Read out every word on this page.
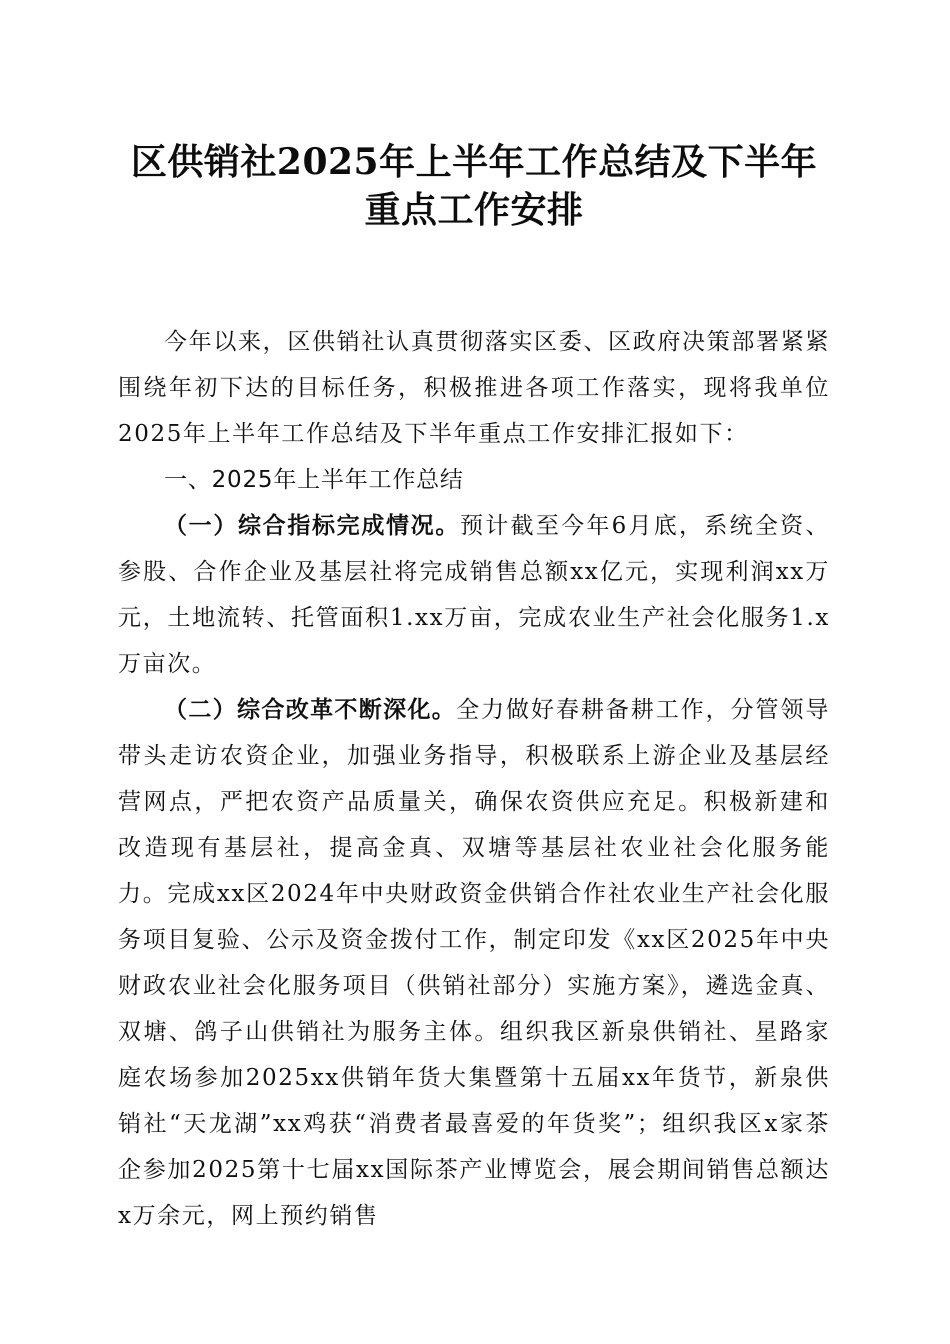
区供销社2025年上半年工作总结及下半年重点工作安排

今年以来，区供销社认真贯彻落实区委、区政府决策部署紧紧围绕年初下达的目标任务，积极推进各项工作落实，现将我单位2025年上半年工作总结及下半年重点工作安排汇报如下：

一、2025年上半年工作总结

（一）综合指标完成情况。预计截至今年6月底，系统全资、参股、合作企业及基层社将完成销售总额xx亿元，实现利润xx万元，土地流转、托管面积1.xx万亩，完成农业生产社会化服务1.x万亩次。

（二）综合改革不断深化。全力做好春耕备耕工作，分管领导带头走访农资企业，加强业务指导，积极联系上游企业及基层经营网点，严把农资产品质量关，确保农资供应充足。积极新建和改造现有基层社，提高金真、双塘等基层社农业社会化服务能力。完成xx区2024年中央财政资金供销合作社农业生产社会化服务项目复验、公示及资金拨付工作，制定印发《xx区2025年中央财政农业社会化服务项目（供销社部分）实施方案》，遴选金真、双塘、鸽子山供销社为服务主体。组织我区新泉供销社、星路家庭农场参加2025xx供销年货大集暨第十五届xx年货节，新泉供销社“天龙湖”xx鸡获“消费者最喜爱的年货奖”；组织我区x家茶企参加2025第十七届xx国际茶产业博览会，展会期间销售总额达x万余元，网上预约销售
